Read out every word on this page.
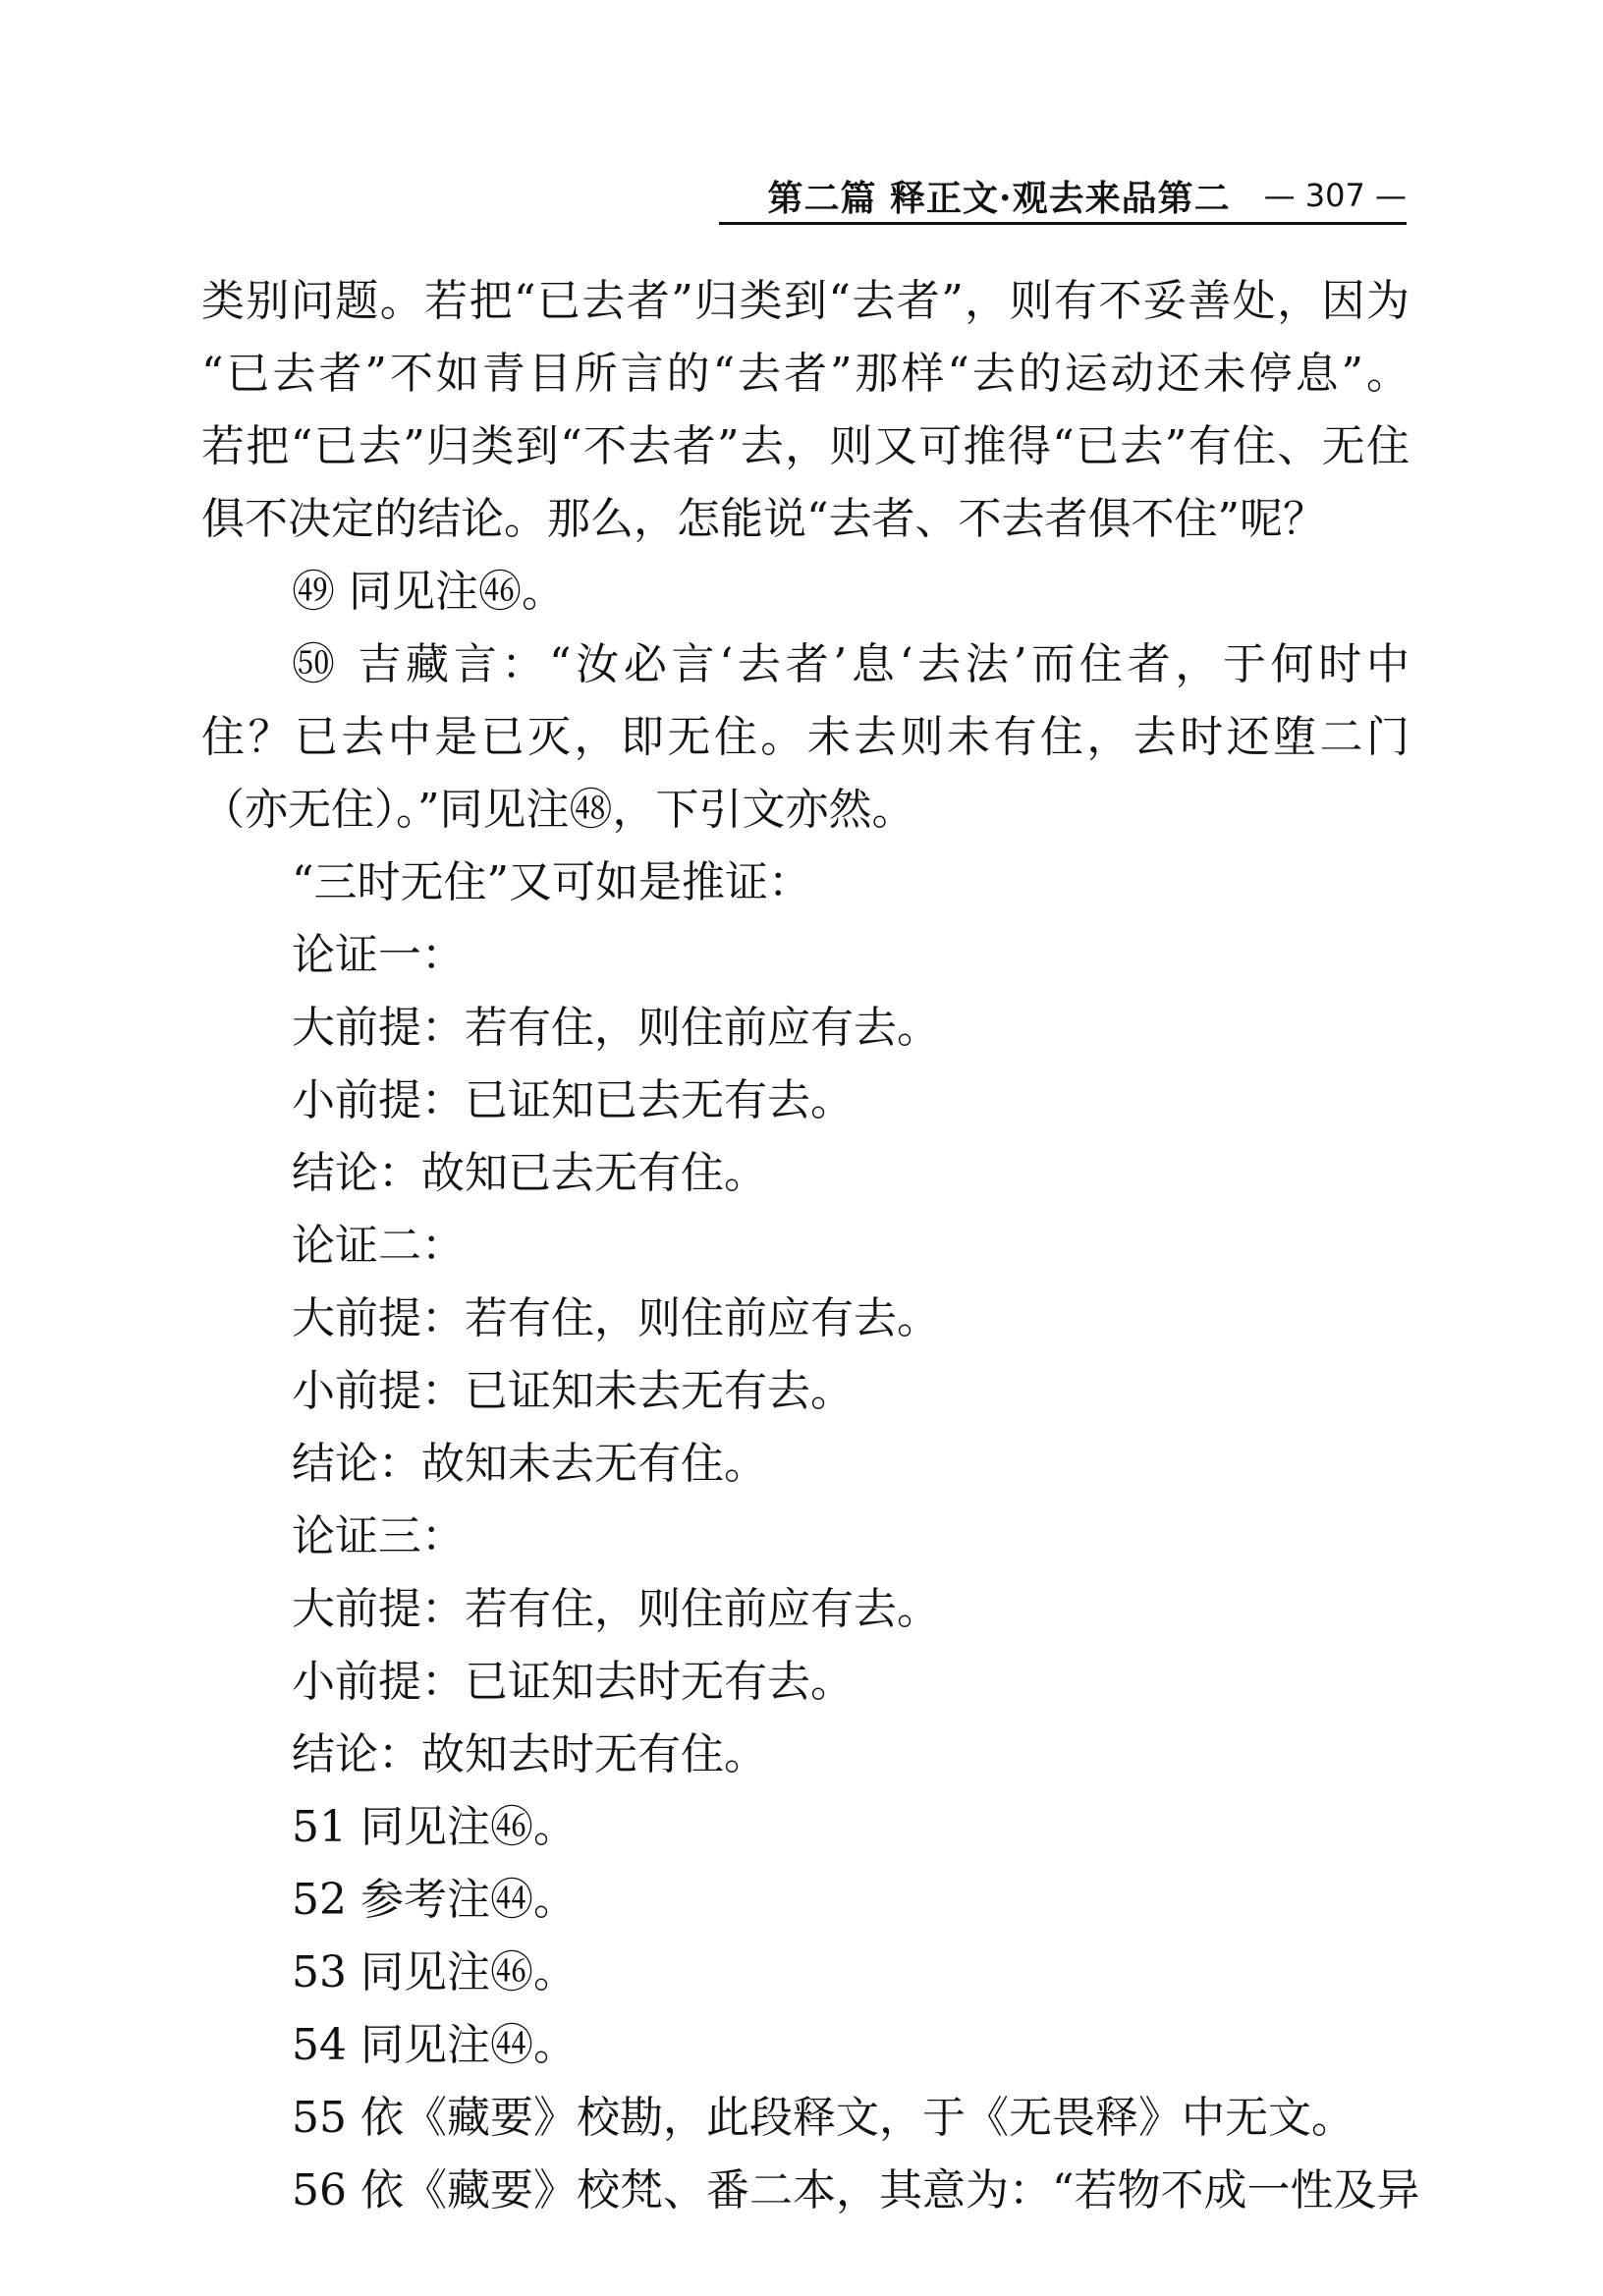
第二篇 释正文·观去来品第二 — 307 —

类别问题。若把“已去者”归类到“去者”，则有不妥善处，因为

“已去者”不如青目所言的“去者”那样“去的运动还未停息”。

若把“已去”归类到“不去者”去，则又可推得“已去”有住、无住

俱不决定的结论。那么，怎能说“去者、不去者俱不住”呢？

㊾ 同见注㊻。

㊿ 吉藏言：“汝必言‘去者’息‘去法’而住者，于何时中

住？已去中是已灭，即无住。未去则未有住，去时还堕二门

（亦无住）。”同见注㊽，下引文亦然。

“三时无住”又可如是推证：

论证一：

大前提：若有住，则住前应有去。

小前提：已证知已去无有去。

结论：故知已去无有住。

论证二：

大前提：若有住，则住前应有去。

小前提：已证知未去无有去。

结论：故知未去无有住。

论证三：

大前提：若有住，则住前应有去。

小前提：已证知去时无有去。

结论：故知去时无有住。

51 同见注㊻。

52 参考注㊹。

53 同见注㊻。

54 同见注㊹。

55 依《藏要》校勘，此段释文，于《无畏释》中无文。

56 依《藏要》校梵、番二本，其意为：“若物不成一性及异
